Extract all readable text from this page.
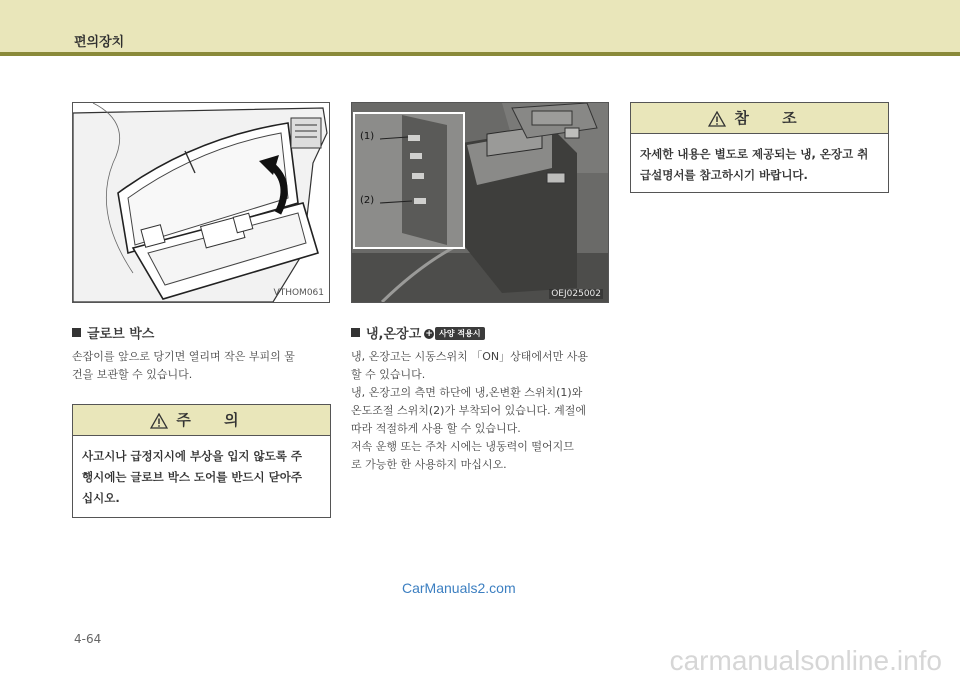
편의장치
VTHOM061
(1)
(2)
OEJ025002
글로브 박스
손잡이를 앞으로 당기면 열리며 작은 부피의 물
건을 보관할 수 있습니다.
주 의
사고시나 급정지시에 부상을 입지 않도록 주
행시에는 글로브 박스 도어를 반드시 닫아주
십시오.
냉,온장고 + 사양 적용시
냉, 온장고는 시동스위치 「ON」상태에서만 사용
할 수 있습니다.
냉, 온장고의 측면 하단에 냉,온변환 스위치(1)와
온도조절 스위치(2)가 부착되어 있습니다. 계절에
따라 적절하게 사용 할 수 있습니다.
저속 운행 또는 주차 시에는 냉동력이 떨어지므
로 가능한 한 사용하지 마십시오.
참 조
자세한 내용은 별도로 제공되는 냉, 온장고 취
급설명서를 참고하시기 바랍니다.
CarManuals2.com
4-64
carmanualsonline.info
